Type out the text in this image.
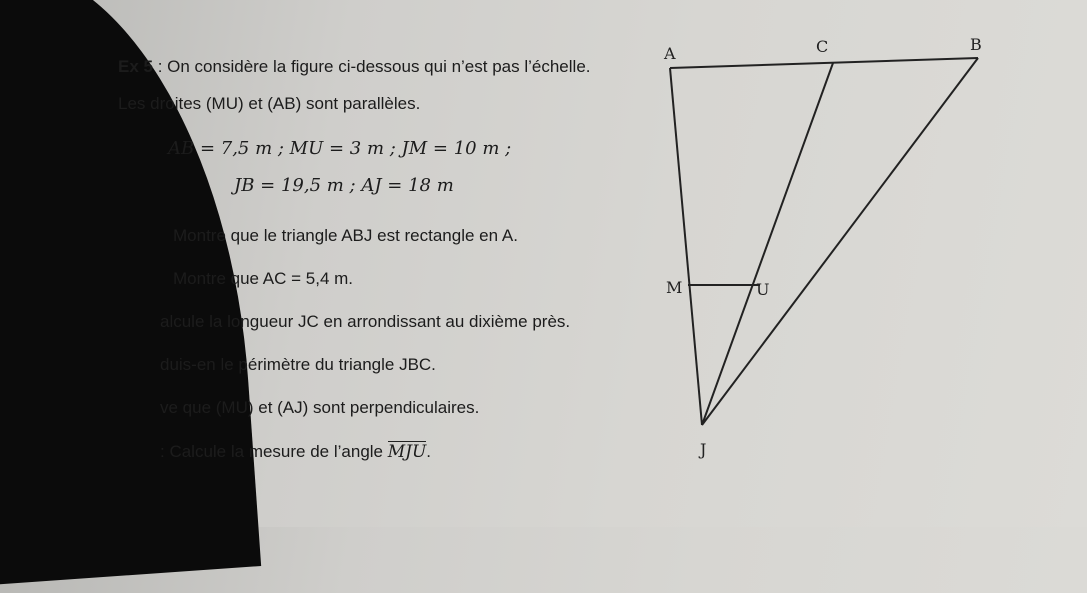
Ex 5 : On considère la figure ci-dessous qui n’est pas l’échelle.
Les droites (MU) et (AB) sont parallèles.
AB = 7,5 m ; MU = 3 m ; JM = 10 m ;
JB = 19,5 m ; AJ = 18 m
Montre que le triangle ABJ est rectangle en A.
Montre que AC = 5,4 m.
alcule la longueur JC en arrondissant au dixième près.
duis-en le périmètre du triangle JBC.
ve que (MU) et (AJ) sont perpendiculaires.
: Calcule la mesure de l’angle MJU.
A	C	B
M	U
J
